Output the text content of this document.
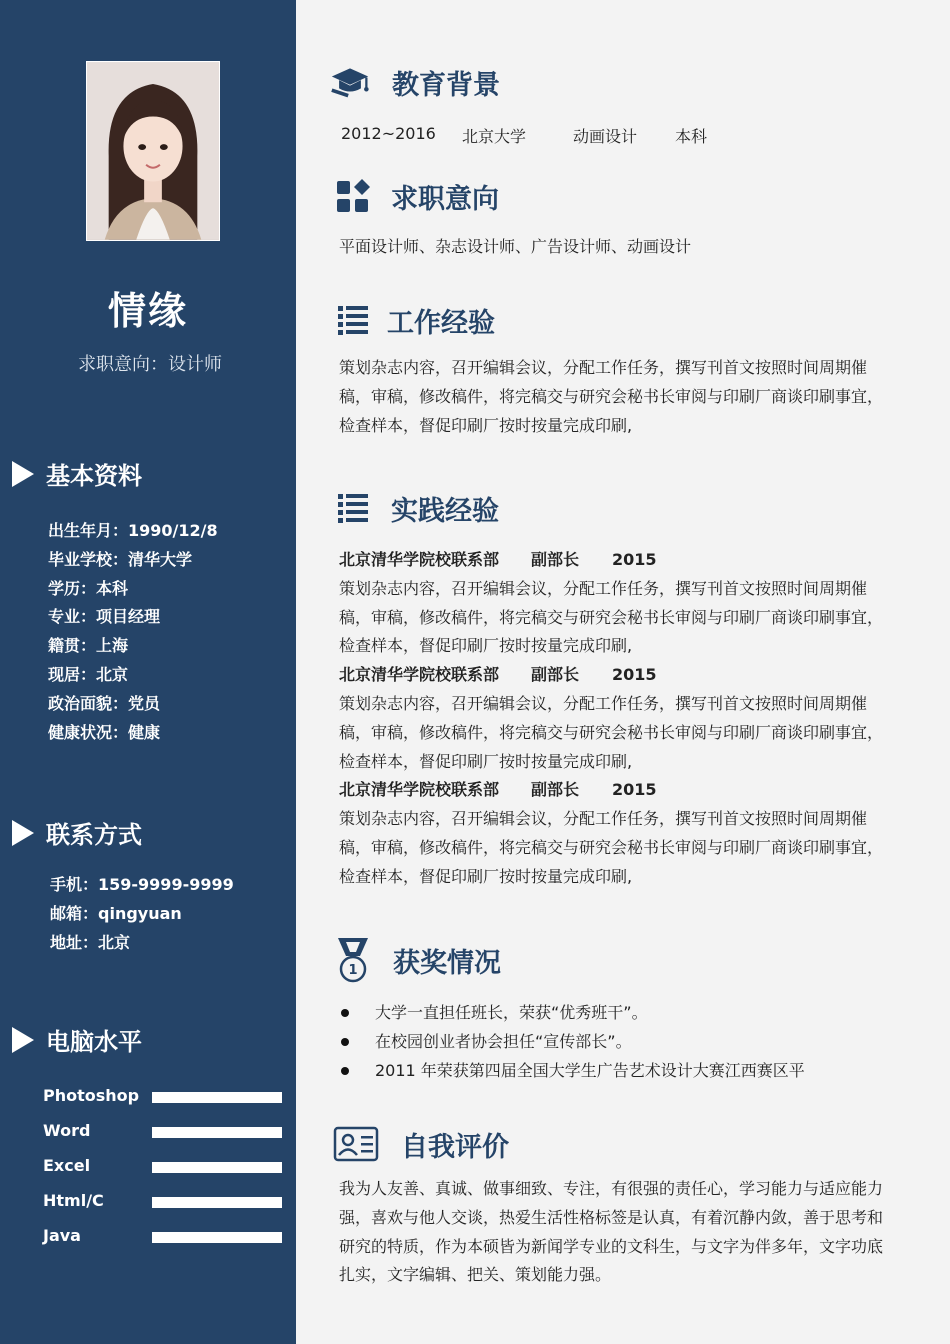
情缘
求职意向：设计师
基本资料
出生年月：1990/12/8
毕业学校：清华大学
学历：本科
专业：项目经理
籍贯：上海
现居：北京
政治面貌：党员
健康状况：健康
联系方式
手机：159-9999-9999
邮箱：qingyuan
地址：北京
电脑水平
Photoshop
Word
Excel
Html/C
Java
教育背景
2012~2016	北京大学	动画设计	本科
求职意向
平面设计师、杂志设计师、广告设计师、动画设计
工作经验
策划杂志内容，召开编辑会议，分配工作任务，撰写刊首文按照时间周期催稿，审稿，修改稿件，将完稿交与研究会秘书长审阅与印刷厂商谈印刷事宜，检查样本，督促印刷厂按时按量完成印刷,
实践经验
北京清华学院校联系部	副部长	2015
策划杂志内容，召开编辑会议，分配工作任务，撰写刊首文按照时间周期催稿，审稿，修改稿件，将完稿交与研究会秘书长审阅与印刷厂商谈印刷事宜，检查样本，督促印刷厂按时按量完成印刷,
北京清华学院校联系部	副部长	2015
策划杂志内容，召开编辑会议，分配工作任务，撰写刊首文按照时间周期催稿，审稿，修改稿件，将完稿交与研究会秘书长审阅与印刷厂商谈印刷事宜，检查样本，督促印刷厂按时按量完成印刷,
北京清华学院校联系部	副部长	2015
策划杂志内容，召开编辑会议，分配工作任务，撰写刊首文按照时间周期催稿，审稿，修改稿件，将完稿交与研究会秘书长审阅与印刷厂商谈印刷事宜，检查样本，督促印刷厂按时按量完成印刷,
1 获奖情况
大学一直担任班长，荣获“优秀班干”。
在校园创业者协会担任“宣传部长”。
2011 年荣获第四届全国大学生广告艺术设计大赛江西赛区平
自我评价
我为人友善、真诚、做事细致、专注，有很强的责任心，学习能力与适应能力强，喜欢与他人交谈，热爱生活性格标签是认真，有着沉静内敛，善于思考和研究的特质，作为本硕皆为新闻学专业的文科生，与文字为伴多年，文字功底扎实，文字编辑、把关、策划能力强。
